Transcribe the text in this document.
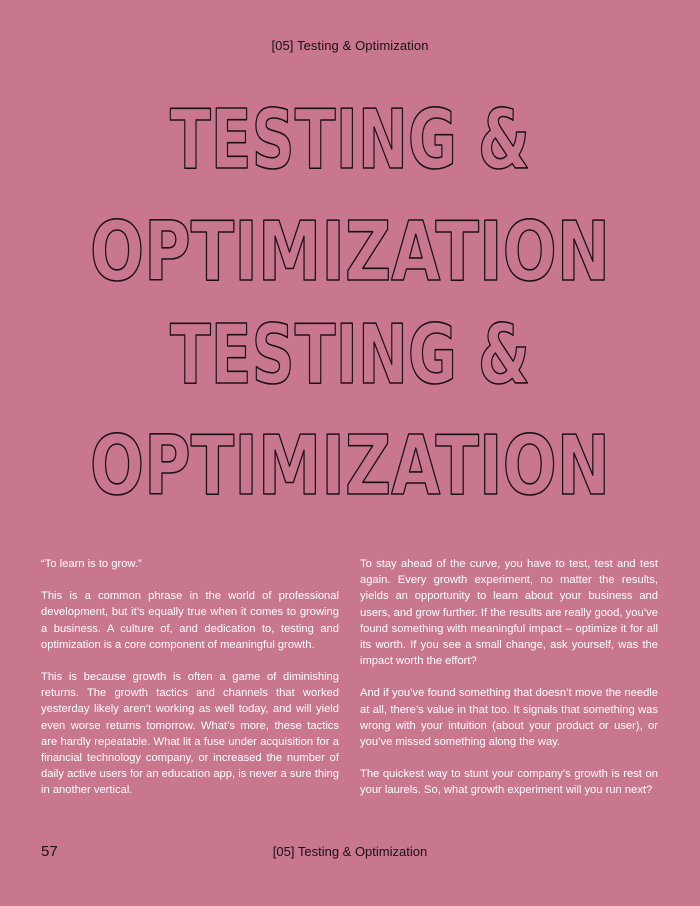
[05] Testing & Optimization
TESTING &
OPTIMIZATION
TESTING &
OPTIMIZATION

“To learn is to grow.”

This is a common phrase in the world of professional development, but it’s equally true when it comes to growing a business. A culture of, and dedication to, testing and optimization is a core component of meaningful growth.

This is because growth is often a game of diminishing returns. The growth tactics and channels that worked yesterday likely aren’t working as well today, and will yield even worse returns tomorrow. What’s more, these tactics are hardly repeatable. What lit a fuse under acquisition for a financial technology company, or increased the number of daily active users for an education app, is never a sure thing in another vertical.

To stay ahead of the curve, you have to test, test and test again. Every growth experiment, no matter the results, yields an opportunity to learn about your business and users, and grow further. If the results are really good, you’ve found something with meaningful impact – optimize it for all its worth. If you see a small change, ask yourself, was the impact worth the effort?

And if you’ve found something that doesn’t move the needle at all, there’s value in that too. It signals that something was wrong with your intuition (about your product or user), or you’ve missed something along the way.

The quickest way to stunt your company’s growth is rest on your laurels. So, what growth experiment will you run next?

57	[05] Testing & Optimization
